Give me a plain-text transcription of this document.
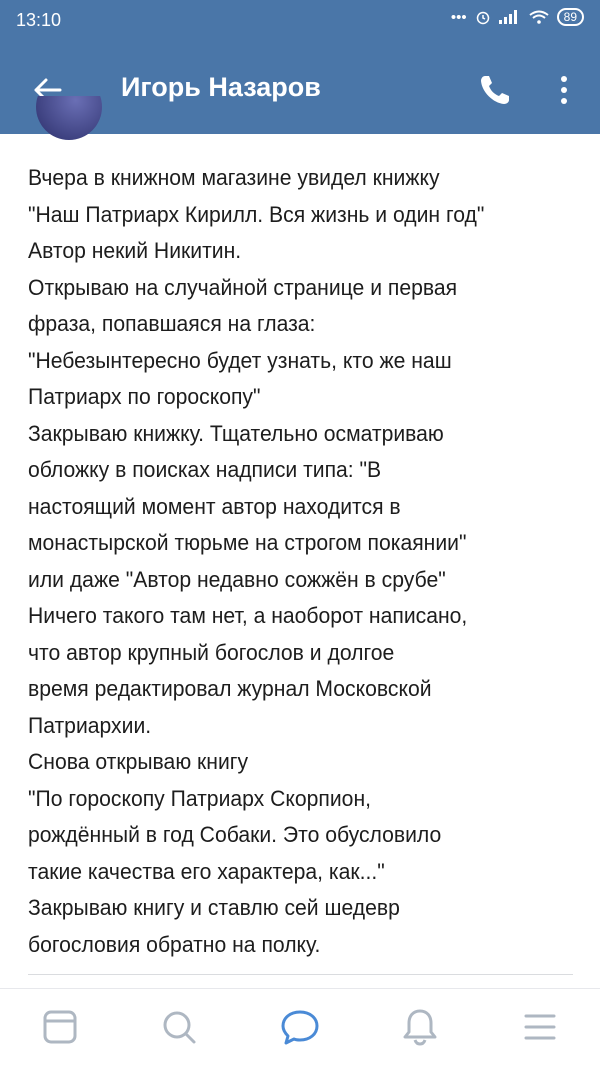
13:10	•••	89
Игорь Назаров
Вчера в книжном магазине увидел книжку
"Наш Патриарх Кирилл. Вся жизнь и один год"
Автор некий Никитин.
Открываю на случайной странице и первая
фраза, попавшаяся на глаза:
"Небезынтересно будет узнать, кто же наш
Патриарх по гороскопу"
Закрываю книжку. Тщательно осматриваю
обложку в поисках надписи типа: "В
настоящий момент автор находится в
монастырской тюрьме на строгом покаянии"
или даже "Автор недавно сожжён в срубе"
Ничего такого там нет, а наоборот написано,
что автор крупный богослов и долгое
время редактировал журнал Московской
Патриархии.
Снова открываю книгу
"По гороскопу Патриарх Скорпион,
рождённый в год Собаки. Это обусловило
такие качества его характера, как..."
Закрываю книгу и ставлю сей шедевр
богословия обратно на полку.
